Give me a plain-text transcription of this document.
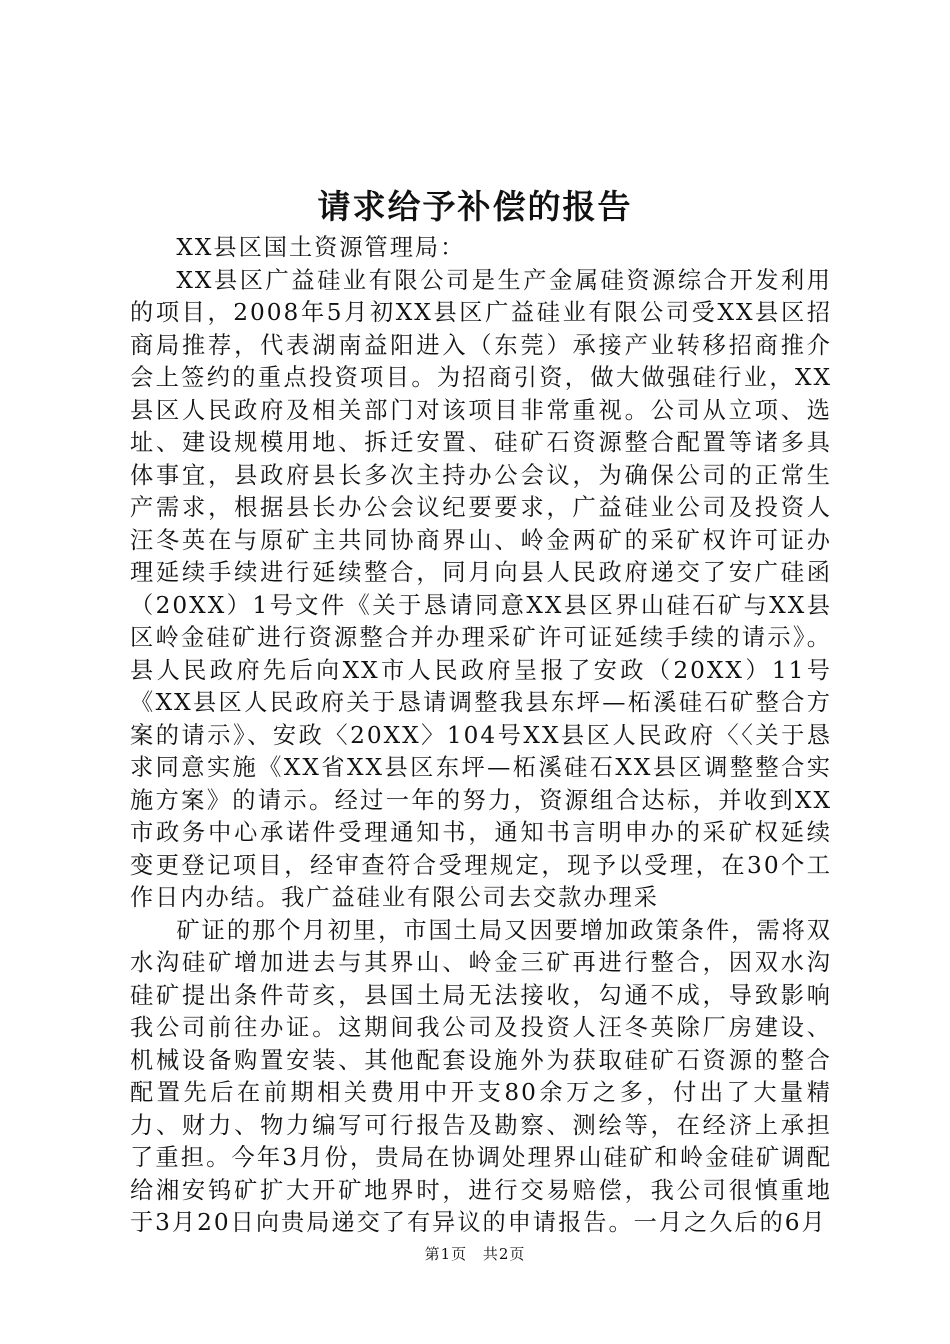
请求给予补偿的报告

XX县区国土资源管理局：

XX县区广益硅业有限公司是生产金属硅资源综合开发利用的项目，2008年5月初XX县区广益硅业有限公司受XX县区招商局推荐，代表湖南益阳进入（东莞）承接产业转移招商推介会上签约的重点投资项目。为招商引资，做大做强硅行业，XX县区人民政府及相关部门对该项目非常重视。公司从立项、选址、建设规模用地、拆迁安置、硅矿石资源整合配置等诸多具体事宜，县政府县长多次主持办公会议，为确保公司的正常生产需求，根据县长办公会议纪要要求，广益硅业公司及投资人汪冬英在与原矿主共同协商界山、岭金两矿的采矿权许可证办理延续手续进行延续整合，同月向县人民政府递交了安广硅函（20XX）1号文件《关于恳请同意XX县区界山硅石矿与XX县区岭金硅矿进行资源整合并办理采矿许可证延续手续的请示》。县人民政府先后向XX市人民政府呈报了安政（20XX）11号《XX县区人民政府关于恳请调整我县东坪—柘溪硅石矿整合方案的请示》、安政〈20XX〉104号XX县区人民政府〈〈关于恳求同意实施《XX省XX县区东坪—柘溪硅石XX县区调整整合实施方案》的请示。经过一年的努力，资源组合达标，并收到XX市政务中心承诺件受理通知书，通知书言明申办的采矿权延续变更登记项目，经审查符合受理规定，现予以受理，在30个工作日内办结。我广益硅业有限公司去交款办理采

矿证的那个月初里，市国土局又因要增加政策条件，需将双水沟硅矿增加进去与其界山、岭金三矿再进行整合，因双水沟硅矿提出条件苛亥，县国土局无法接收，勾通不成，导致影响我公司前往办证。这期间我公司及投资人汪冬英除厂房建设、机械设备购置安装、其他配套设施外为获取硅矿石资源的整合配置先后在前期相关费用中开支80余万之多，付出了大量精力、财力、物力编写可行报告及勘察、测绘等，在经济上承担了重担。今年3月份，贵局在协调处理界山硅矿和岭金硅矿调配给湘安钨矿扩大开矿地界时，进行交易赔偿，我公司很慎重地于3月20日向贵局递交了有异议的申请报告。一月之久后的6月

第1页 共2页
